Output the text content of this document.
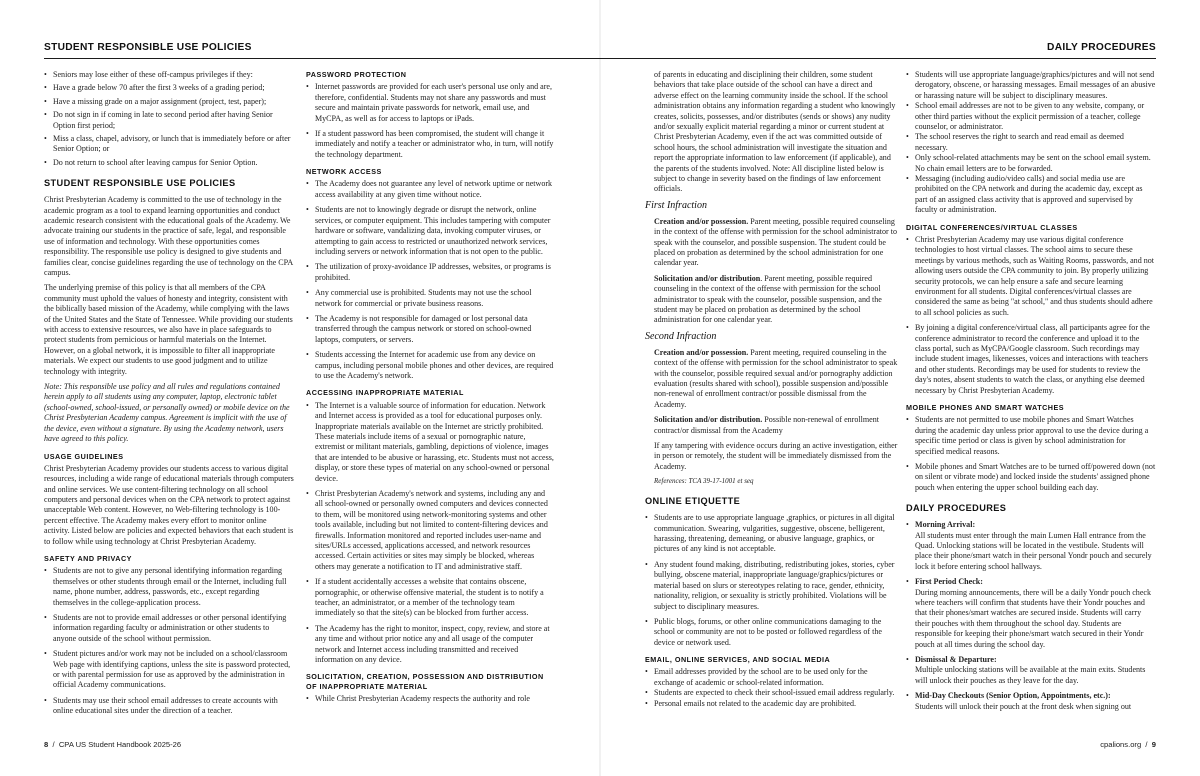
STUDENT RESPONSIBLE USE POLICIES
• Seniors may lose either of these off-campus privileges if they:
• Have a grade below 70 after the first 3 weeks of a grading period;
• Have a missing grade on a major assignment (project, test, paper);
• Do not sign in if coming in late to second period after having Senior Option first period;
• Miss a class, chapel, advisory, or lunch that is immediately before or after Senior Option; or
• Do not return to school after leaving campus for Senior Option.
STUDENT RESPONSIBLE USE POLICIES

Christ Presbyterian Academy is committed to the use of technology in the academic program as a tool to expand learning opportunities and conduct academic research consistent with the educational goals of the Academy. We advocate training our students in the practice of safe, legal, and responsible use of information and technology. With these opportunities comes responsibility. The responsible use policy is designed to give students and families clear, concise guidelines regarding the use of technology on the CPA campus.

The underlying premise of this policy is that all members of the CPA community must uphold the values of honesty and integrity, consistent with the biblically based mission of the Academy, while complying with the laws of the United States and the State of Tennessee. While providing our students with access to extensive resources, we also have in place safeguards to protect students from pernicious or harmful materials on the Internet. However, on a global network, it is impossible to filter all inappropriate materials. We expect our students to use good judgment and to utilize technology with integrity.

Note: This responsible use policy and all rules and regulations contained herein apply to all students using any computer, laptop, electronic tablet (school-owned, school-issued, or personally owned) or mobile device on the Christ Presbyterian Academy campus. Agreement is implicit with the use of the device, even without a signature. By using the Academy network, users have agreed to this policy.

USAGE GUIDELINES

Christ Presbyterian Academy provides our students access to various digital resources, including a wide range of educational materials through computers and online services. We use content-filtering technology on all school computers and personal devices when on the CPA network to protect against unacceptable Web content. However, no Web-filtering technology is 100-percent effective. The Academy makes every effort to monitor online activity. Listed below are policies and expected behaviors that each student is to follow while using technology at Christ Presbyterian Academy.

SAFETY AND PRIVACY
• Students are not to give any personal identifying information regarding themselves or other students through email or the Internet, including full name, phone number, address, passwords, etc., except regarding themselves in the college-application process.
• Students are not to provide email addresses or other personal identifying information regarding faculty or administration or other students to anyone outside of the school without permission.
• Student pictures and/or work may not be included on a school/classroom Web page with identifying captions, unless the site is password protected, or with parental permission for use as approved by the administration in official Academy communications.
• Students may use their school email addresses to create accounts with online educational sites under the direction of a teacher.
PASSWORD PROTECTION
• Internet passwords are provided for each user's personal use only and are, therefore, confidential. Students may not share any passwords and must secure and maintain private passwords for network, email use, and MyCPA, as well as for access to laptops or iPads.
• If a student password has been compromised, the student will change it immediately and notify a teacher or administrator who, in turn, will notify the technology department.
NETWORK ACCESS
• The Academy does not guarantee any level of network uptime or network access availability at any given time without notice.
• Students are not to knowingly degrade or disrupt the network, online services, or computer equipment. This includes tampering with computer hardware or software, vandalizing data, invoking computer viruses, or attempting to gain access to restricted or unauthorized network services, including servers or network information that is not open to the public.
• The utilization of proxy-avoidance IP addresses, websites, or programs is prohibited.
• Any commercial use is prohibited. Students may not use the school network for commercial or private business reasons.
• The Academy is not responsible for damaged or lost personal data transferred through the campus network or stored on school-owned laptops, computers, or servers.
• Students accessing the Internet for academic use from any device on campus, including personal mobile phones and other devices, are required to use the Academy's network.
ACCESSING INAPPROPRIATE MATERIAL
• The Internet is a valuable source of information for education. Network and Internet access is provided as a tool for educational purposes only. Inappropriate materials available on the Internet are strictly prohibited. These materials include items of a sexual or pornographic nature, extremist or militant materials, gambling, depictions of violence, images that are intended to be abusive or harassing, etc. Students must not access, display, or store these types of material on any school-owned or personal device.
• Christ Presbyterian Academy's network and systems, including any and all school-owned or personally owned computers and devices connected to them, will be monitored using network-monitoring systems and other tools available, including but not limited to content-filtering devices and firewalls. Information monitored and reported includes user-name and sites/URLs accessed, applications accessed, and network resources accessed. Certain activities or sites may simply be blocked, whereas others may generate a notification to IT and administrative staff.
• If a student accidentally accesses a website that contains obscene, pornographic, or otherwise offensive material, the student is to notify a teacher, an administrator, or a member of the technology team immediately so that the site(s) can be blocked from further access.
• The Academy has the right to monitor, inspect, copy, review, and store at any time and without prior notice any and all usage of the computer network and Internet access including transmitted and received information on any device.
SOLICITATION, CREATION, POSSESSION AND DISTRIBUTION
OF INAPPROPRIATE MATERIAL
• While Christ Presbyterian Academy respects the authority and role
8  /  CPA US Student Handbook 2025-26
DAILY PROCEDURES

of parents in educating and disciplining their children, some student behaviors that take place outside of the school can have a direct and adverse effect on the learning community inside the school. If the school administration obtains any information regarding a student who knowingly creates, solicits, possesses, and/or distributes (sends or shows) any nudity and/or sexually explicit material regarding a minor or current student at Christ Presbyterian Academy, even if the act was committed outside of school hours, the school administration will investigate the situation and report the appropriate information to law enforcement (if applicable), and the parents of the students involved. Note: All discipline listed below is subject to change in severity based on the findings of law enforcement officials.

First Infraction

Creation and/or possession. Parent meeting, possible required counseling in the context of the offense with permission for the school administrator to speak with the counselor, and possible suspension. The student could be placed on probation as determined by the school administration for one calendar year.

Solicitation and/or distribution. Parent meeting, possible required counseling in the context of the offense with permission for the school administrator to speak with the counselor, possible suspension, and the student may be placed on probation as determined by the school administration for one calendar year.

Second Infraction

Creation and/or possession. Parent meeting, required counseling in the context of the offense with permission for the school administrator to speak with the counselor, possible required sexual and/or pornography addiction evaluation (results shared with school), possible suspension and/possible non-renewal of enrollment contract/or possible dismissal from the Academy.

Solicitation and/or distribution. Possible non-renewal of enrollment contract/or dismissal from the Academy

If any tampering with evidence occurs during an active investigation, either in person or remotely, the student will be immediately dismissed from the Academy.

References: TCA 39-17-1001 et seq

ONLINE ETIQUETTE
• Students are to use appropriate language ,graphics, or pictures in all digital communication. Swearing, vulgarities, suggestive, obscene, belligerent, harassing, threatening, demeaning, or abusive language, graphics, or pictures of any kind is not acceptable.
• Any student found making, distributing, redistributing jokes, stories, cyber bullying, obscene material, inappropriate language/graphics/pictures or material based on slurs or stereotypes relating to race, gender, ethnicity, nationality, religion, or sexuality is strictly prohibited. Violations will be subject to disciplinary measures.
• Public blogs, forums, or other online communications damaging to the school or community are not to be posted or followed regardless of the device or network used.
EMAIL, ONLINE SERVICES, AND SOCIAL MEDIA
• Email addresses provided by the school are to be used only for the exchange of academic or school-related information.
• Students are expected to check their school-issued email address regularly.
• Personal emails not related to the academic day are prohibited.
• Students will use appropriate language/graphics/pictures and will not send derogatory, obscene, or harassing messages. Email messages of an abusive or harassing nature will be subject to disciplinary measures.
• School email addresses are not to be given to any website, company, or other third parties without the explicit permission of a teacher, college counselor, or administrator.
• The school reserves the right to search and read email as deemed necessary.
• Only school-related attachments may be sent on the school email system. No chain email letters are to be forwarded.
• Messaging (including audio/video calls) and social media use are prohibited on the CPA network and during the academic day, except as part of an assigned class activity that is approved and supervised by faculty or administration.
DIGITAL CONFERENCES/VIRTUAL CLASSES
• Christ Presbyterian Academy may use various digital conference technologies to host virtual classes. The school aims to secure these meetings by various methods, such as Waiting Rooms, passwords, and not allowing users outside the CPA community to join. By properly utilizing security protocols, we can help ensure a safe and secure learning environment for all students. Digital conferences/virtual classes are considered the same as being "at school," and thus students should adhere to all school policies as such.
• By joining a digital conference/virtual class, all participants agree for the conference administrator to record the conference and upload it to the class portal, such as MyCPA/Google classroom. Such recordings may include student images, likenesses, voices and interactions with teachers and other students. Recordings may be used for students to review the day's notes, absent students to watch the class, or anything else deemed necessary by Christ Presbyterian Academy.
MOBILE PHONES AND SMART WATCHES
• Students are not permitted to use mobile phones and Smart Watches during the academic day unless prior approval to use the device during a specific time period or class is given by school administration for specified medical reasons.
• Mobile phones and Smart Watches are to be turned off/powered down (not on silent or vibrate mode) and locked inside the students' assigned phone pouch when entering the upper school building each day.
DAILY PROCEDURES
• Morning Arrival:
All students must enter through the main Lumen Hall entrance from the Quad. Unlocking stations will be located in the vestibule. Students will place their phone/smart watch in their personal Yondr pouch and securely lock it before entering school hallways.
• First Period Check:
During morning announcements, there will be a daily Yondr pouch check where teachers will confirm that students have their Yondr pouches and that their phones/smart watches are secured inside. Students will carry their pouches with them throughout the school day. Students are responsible for keeping their phone/smart watch secured in their Yondr pouch at all times during the school day.
• Dismissal & Departure:
Multiple unlocking stations will be available at the main exits. Students will unlock their pouches as they leave for the day.
• Mid-Day Checkouts (Senior Option, Appointments, etc.):
Students will unlock their pouch at the front desk when signing out
cpalions.org  /  9
